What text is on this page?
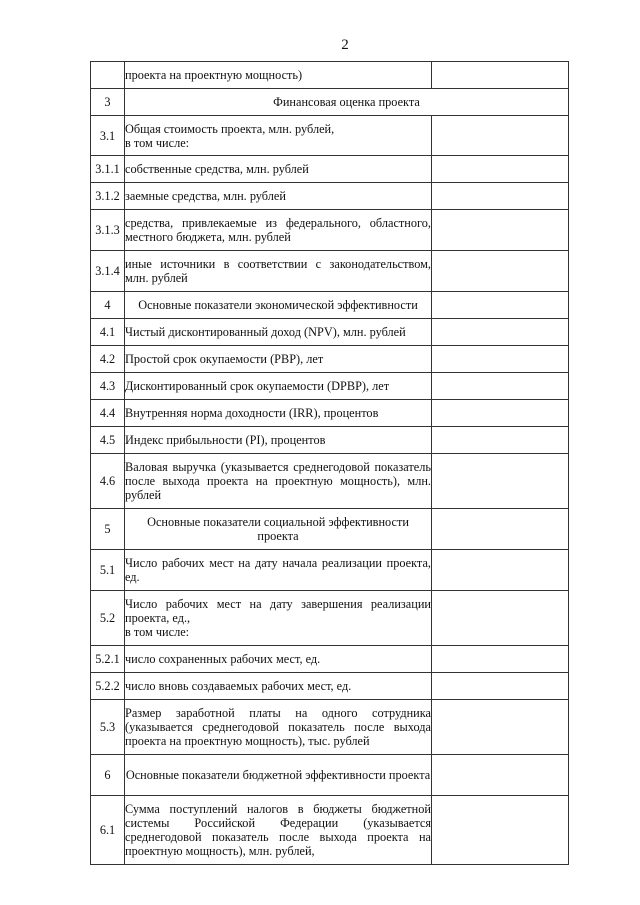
2
	проекта на проектную мощность)	
3	Финансовая оценка проекта	
3.1	Общая стоимость проекта, млн. рублей,
в том числе:	
3.1.1	собственные средства, млн. рублей	
3.1.2	заемные средства, млн. рублей	
3.1.3	средства, привлекаемые из федерального, областного, местного бюджета, млн. рублей	
3.1.4	иные источники в соответствии с законодательством, млн. рублей	
4	Основные показатели экономической эффективности	
4.1	Чистый дисконтированный доход (NPV), млн. рублей	
4.2	Простой срок окупаемости (PBP), лет	
4.3	Дисконтированный срок окупаемости (DPBP), лет	
4.4	Внутренняя норма доходности (IRR), процентов	
4.5	Индекс прибыльности (PI), процентов	
4.6	Валовая выручка (указывается среднегодовой показатель после выхода проекта на проектную мощность), млн. рублей	
5	Основные показатели социальной эффективности проекта	
5.1	Число рабочих мест на дату начала реализации проекта, ед.	
5.2	Число рабочих мест на дату завершения реализации проекта, ед.,
в том числе:	
5.2.1	число сохраненных рабочих мест, ед.	
5.2.2	число вновь создаваемых рабочих мест, ед.	
5.3	Размер заработной платы на одного сотрудника (указывается среднегодовой показатель после выхода проекта на проектную мощность), тыс. рублей	
6	Основные показатели бюджетной эффективности проекта	
6.1	Сумма поступлений налогов в бюджеты бюджетной системы Российской Федерации (указывается среднегодовой показатель после выхода проекта на проектную мощность), млн. рублей,	
